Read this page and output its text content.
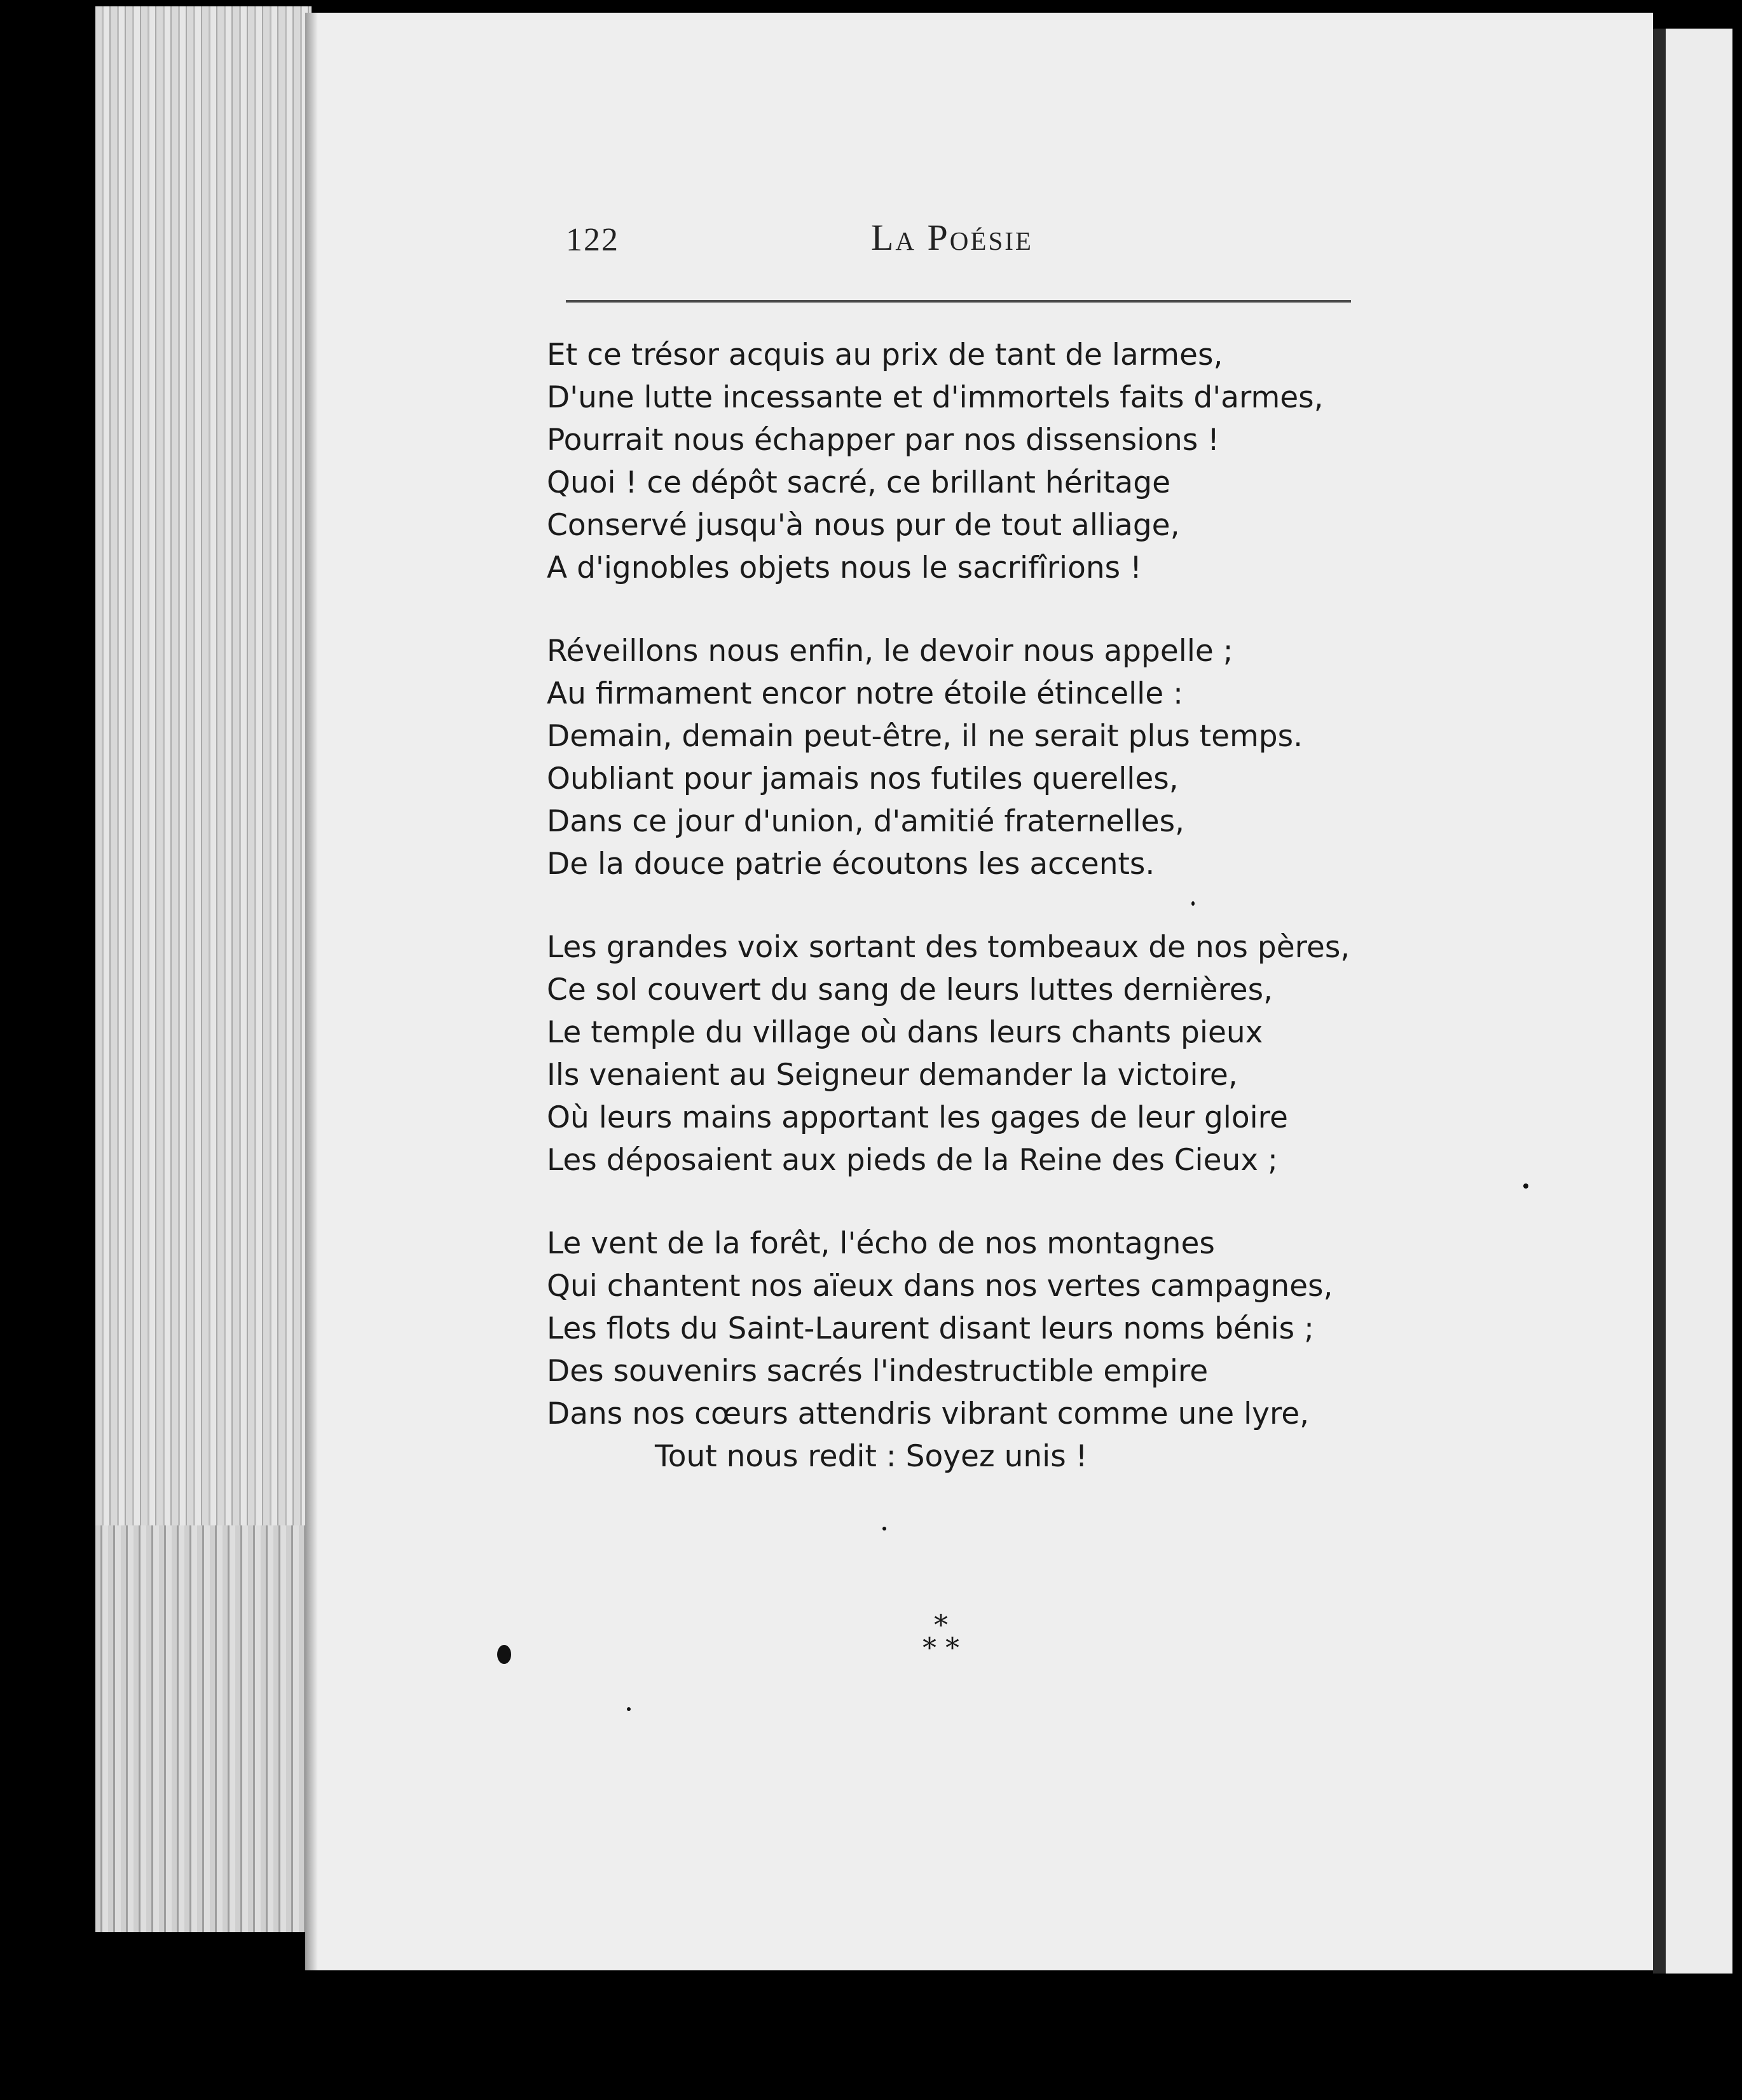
122	La Poésie
Et ce trésor acquis au prix de tant de larmes,
D'une lutte incessante et d'immortels faits d'armes,
Pourrait nous échapper par nos dissensions !
Quoi ! ce dépôt sacré, ce brillant héritage
Conservé jusqu'à nous pur de tout alliage,
A d'ignobles objets nous le sacrifîrions !
Réveillons nous enfin, le devoir nous appelle ;
Au firmament encor notre étoile étincelle :
Demain, demain peut-être, il ne serait plus temps.
Oubliant pour jamais nos futiles querelles,
Dans ce jour d'union, d'amitié fraternelles,
De la douce patrie écoutons les accents.
Les grandes voix sortant des tombeaux de nos pères,
Ce sol couvert du sang de leurs luttes dernières,
Le temple du village où dans leurs chants pieux
Ils venaient au Seigneur demander la victoire,
Où leurs mains apportant les gages de leur gloire
Les déposaient aux pieds de la Reine des Cieux ;
Le vent de la forêt, l'écho de nos montagnes
Qui chantent nos aïeux dans nos vertes campagnes,
Les flots du Saint-Laurent disant leurs noms bénis ;
Des souvenirs sacrés l'indestructible empire
Dans nos cœurs attendris vibrant comme une lyre,
Tout nous redit : Soyez unis !
*
* *
